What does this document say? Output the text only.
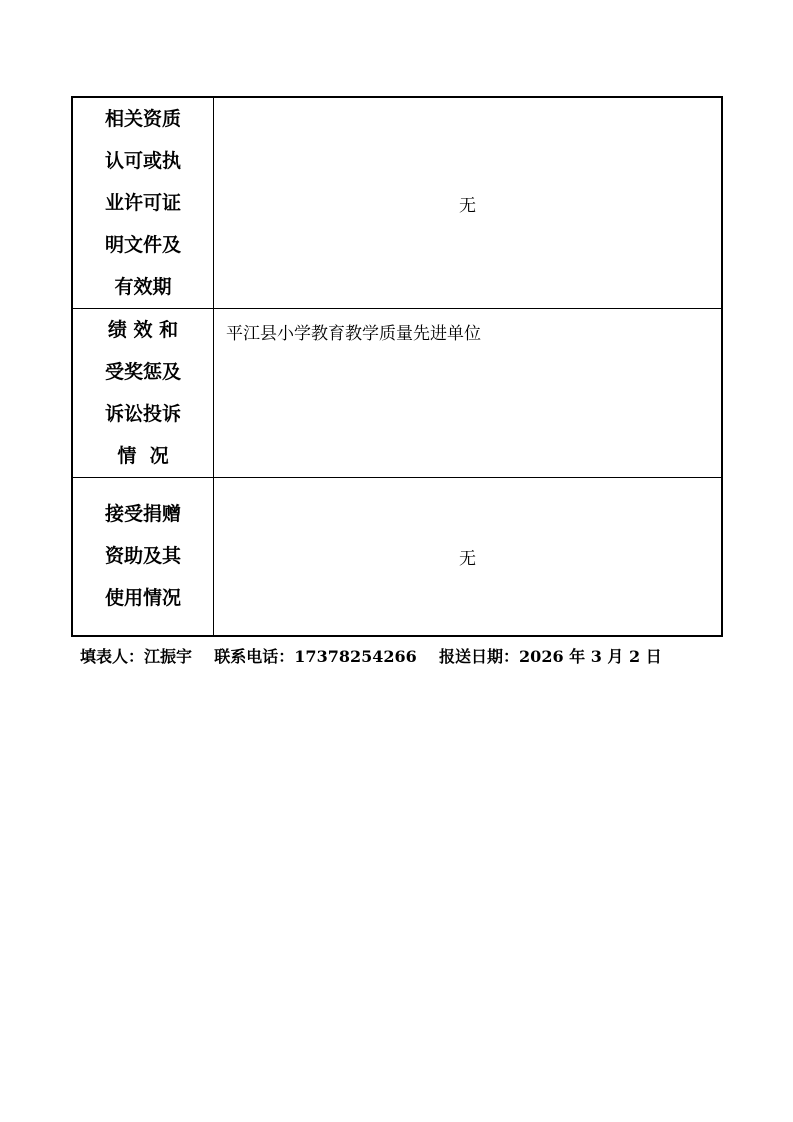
相关资质
认可或执
业许可证
明文件及
有效期	无

绩 效 和
受奖惩及
诉讼投诉
情  况	平江县小学教育教学质量先进单位

接受捐赠
资助及其
使用情况	无
填表人：江振宇 联系电话：17378254266 报送日期：2026 年 3 月 2 日
